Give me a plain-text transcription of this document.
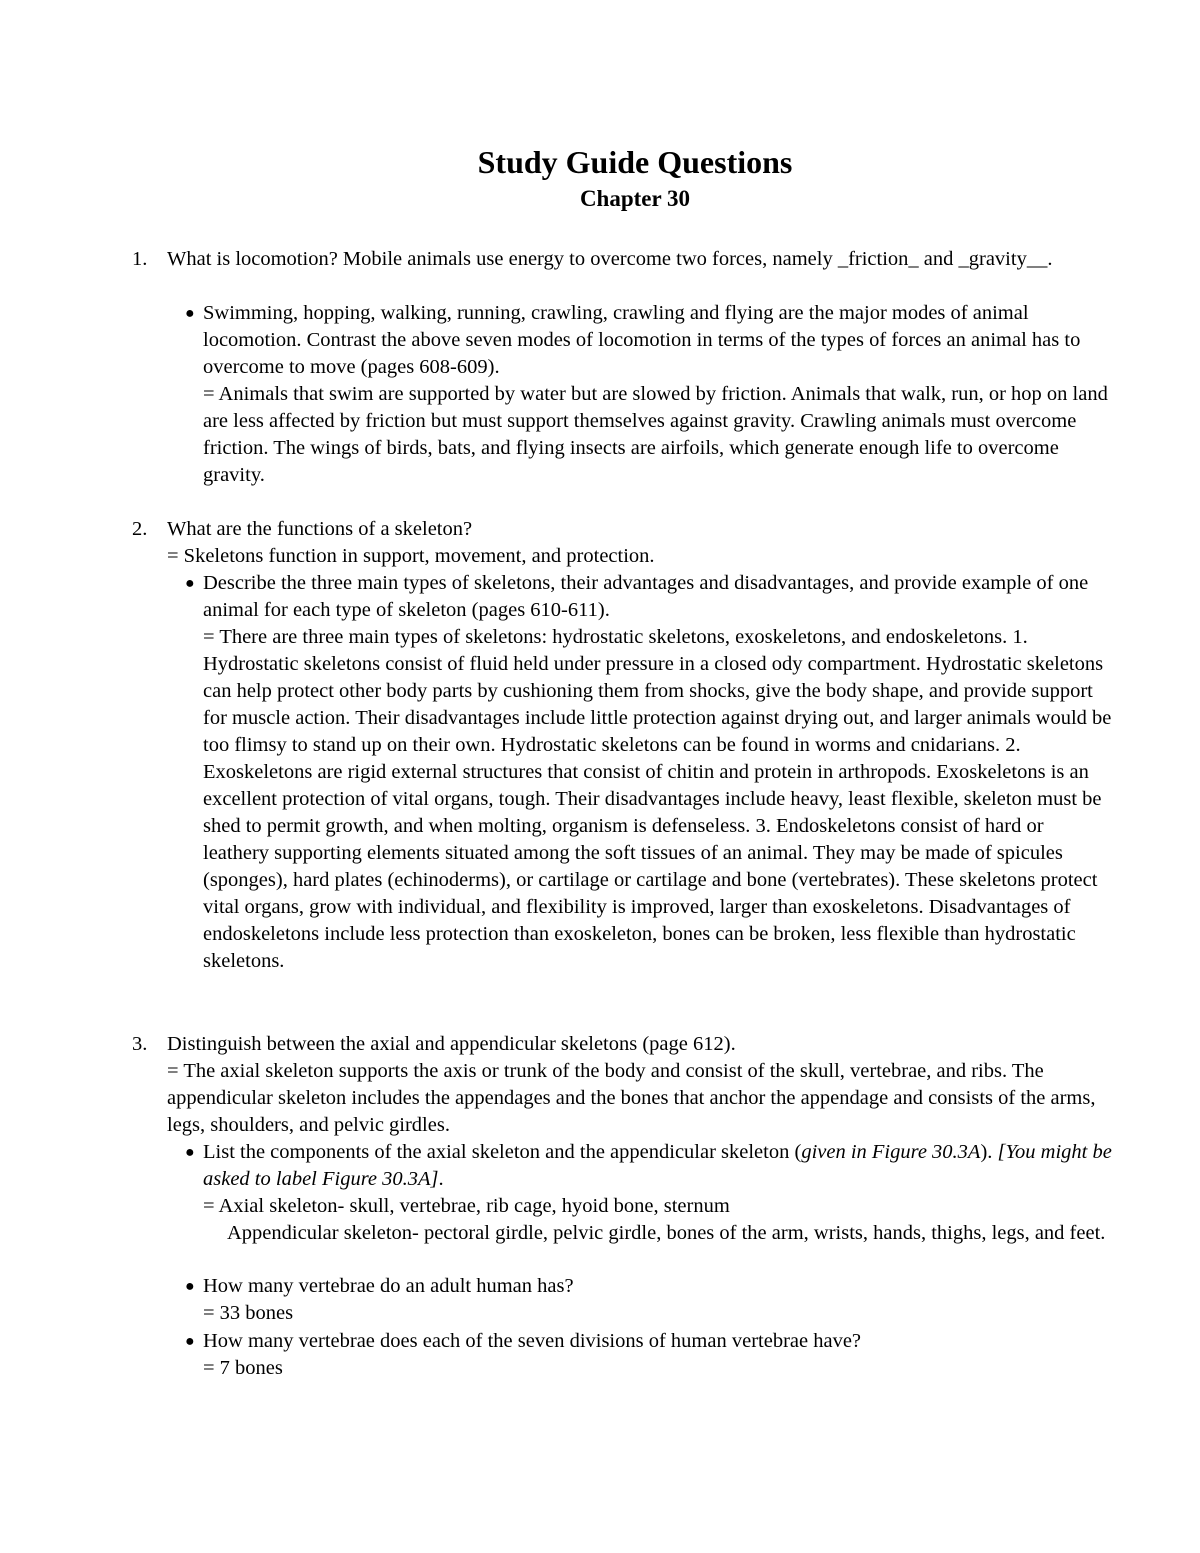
Study Guide Questions
Chapter 30
1. What is locomotion? Mobile animals use energy to overcome two forces, namely _friction_ and _gravity__.
● Swimming, hopping, walking, running, crawling, crawling and flying are the major modes of animal locomotion. Contrast the above seven modes of locomotion in terms of the types of forces an animal has to overcome to move (pages 608-609).
= Animals that swim are supported by water but are slowed by friction. Animals that walk, run, or hop on land are less affected by friction but must support themselves against gravity. Crawling animals must overcome friction. The wings of birds, bats, and flying insects are airfoils, which generate enough life to overcome gravity.
2. What are the functions of a skeleton?
= Skeletons function in support, movement, and protection.
● Describe the three main types of skeletons, their advantages and disadvantages, and provide example of one animal for each type of skeleton (pages 610-611).
= There are three main types of skeletons: hydrostatic skeletons, exoskeletons, and endoskeletons. 1. Hydrostatic skeletons consist of fluid held under pressure in a closed ody compartment. Hydrostatic skeletons can help protect other body parts by cushioning them from shocks, give the body shape, and provide support for muscle action. Their disadvantages include little protection against drying out, and larger animals would be too flimsy to stand up on their own. Hydrostatic skeletons can be found in worms and cnidarians. 2. Exoskeletons are rigid external structures that consist of chitin and protein in arthropods. Exoskeletons is an excellent protection of vital organs, tough. Their disadvantages include heavy, least flexible, skeleton must be shed to permit growth, and when molting, organism is defenseless. 3. Endoskeletons consist of hard or leathery supporting elements situated among the soft tissues of an animal. They may be made of spicules (sponges), hard plates (echinoderms), or cartilage or cartilage and bone (vertebrates). These skeletons protect vital organs, grow with individual, and flexibility is improved, larger than exoskeletons. Disadvantages of endoskeletons include less protection than exoskeleton, bones can be broken, less flexible than hydrostatic skeletons.
3. Distinguish between the axial and appendicular skeletons (page 612).
= The axial skeleton supports the axis or trunk of the body and consist of the skull, vertebrae, and ribs. The appendicular skeleton includes the appendages and the bones that anchor the appendage and consists of the arms, legs, shoulders, and pelvic girdles.
● List the components of the axial skeleton and the appendicular skeleton (given in Figure 30.3A). [You might be asked to label Figure 30.3A].
= Axial skeleton- skull, vertebrae, rib cage, hyoid bone, sternum
Appendicular skeleton- pectoral girdle, pelvic girdle, bones of the arm, wrists, hands, thighs, legs, and feet.
● How many vertebrae do an adult human has?
= 33 bones
● How many vertebrae does each of the seven divisions of human vertebrae have?
= 7 bones
